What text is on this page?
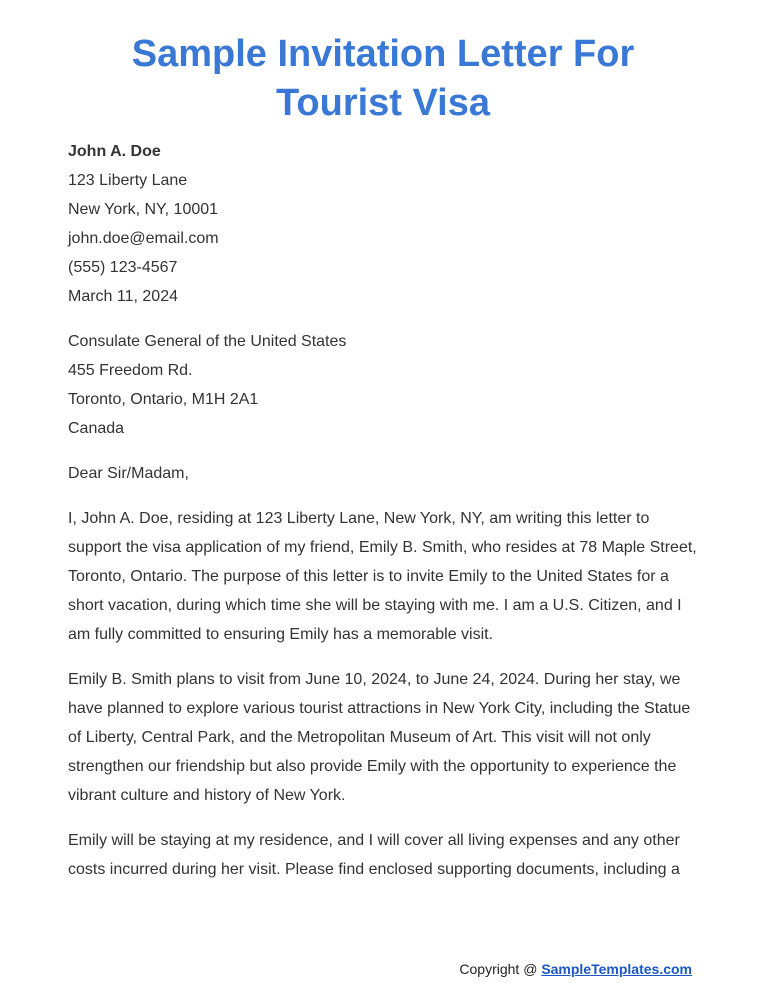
Sample Invitation Letter For
Tourist Visa
John A. Doe
123 Liberty Lane
New York, NY, 10001
john.doe@email.com
(555) 123-4567
March 11, 2024
Consulate General of the United States
455 Freedom Rd.
Toronto, Ontario, M1H 2A1
Canada

Dear Sir/Madam,

I, John A. Doe, residing at 123 Liberty Lane, New York, NY, am writing this letter to support the visa application of my friend, Emily B. Smith, who resides at 78 Maple Street, Toronto, Ontario. The purpose of this letter is to invite Emily to the United States for a short vacation, during which time she will be staying with me. I am a U.S. Citizen, and I am fully committed to ensuring Emily has a memorable visit.

Emily B. Smith plans to visit from June 10, 2024, to June 24, 2024. During her stay, we have planned to explore various tourist attractions in New York City, including the Statue of Liberty, Central Park, and the Metropolitan Museum of Art. This visit will not only strengthen our friendship but also provide Emily with the opportunity to experience the vibrant culture and history of New York.

Emily will be staying at my residence, and I will cover all living expenses and any other costs incurred during her visit. Please find enclosed supporting documents, including a

Copyright @ SampleTemplates.com
